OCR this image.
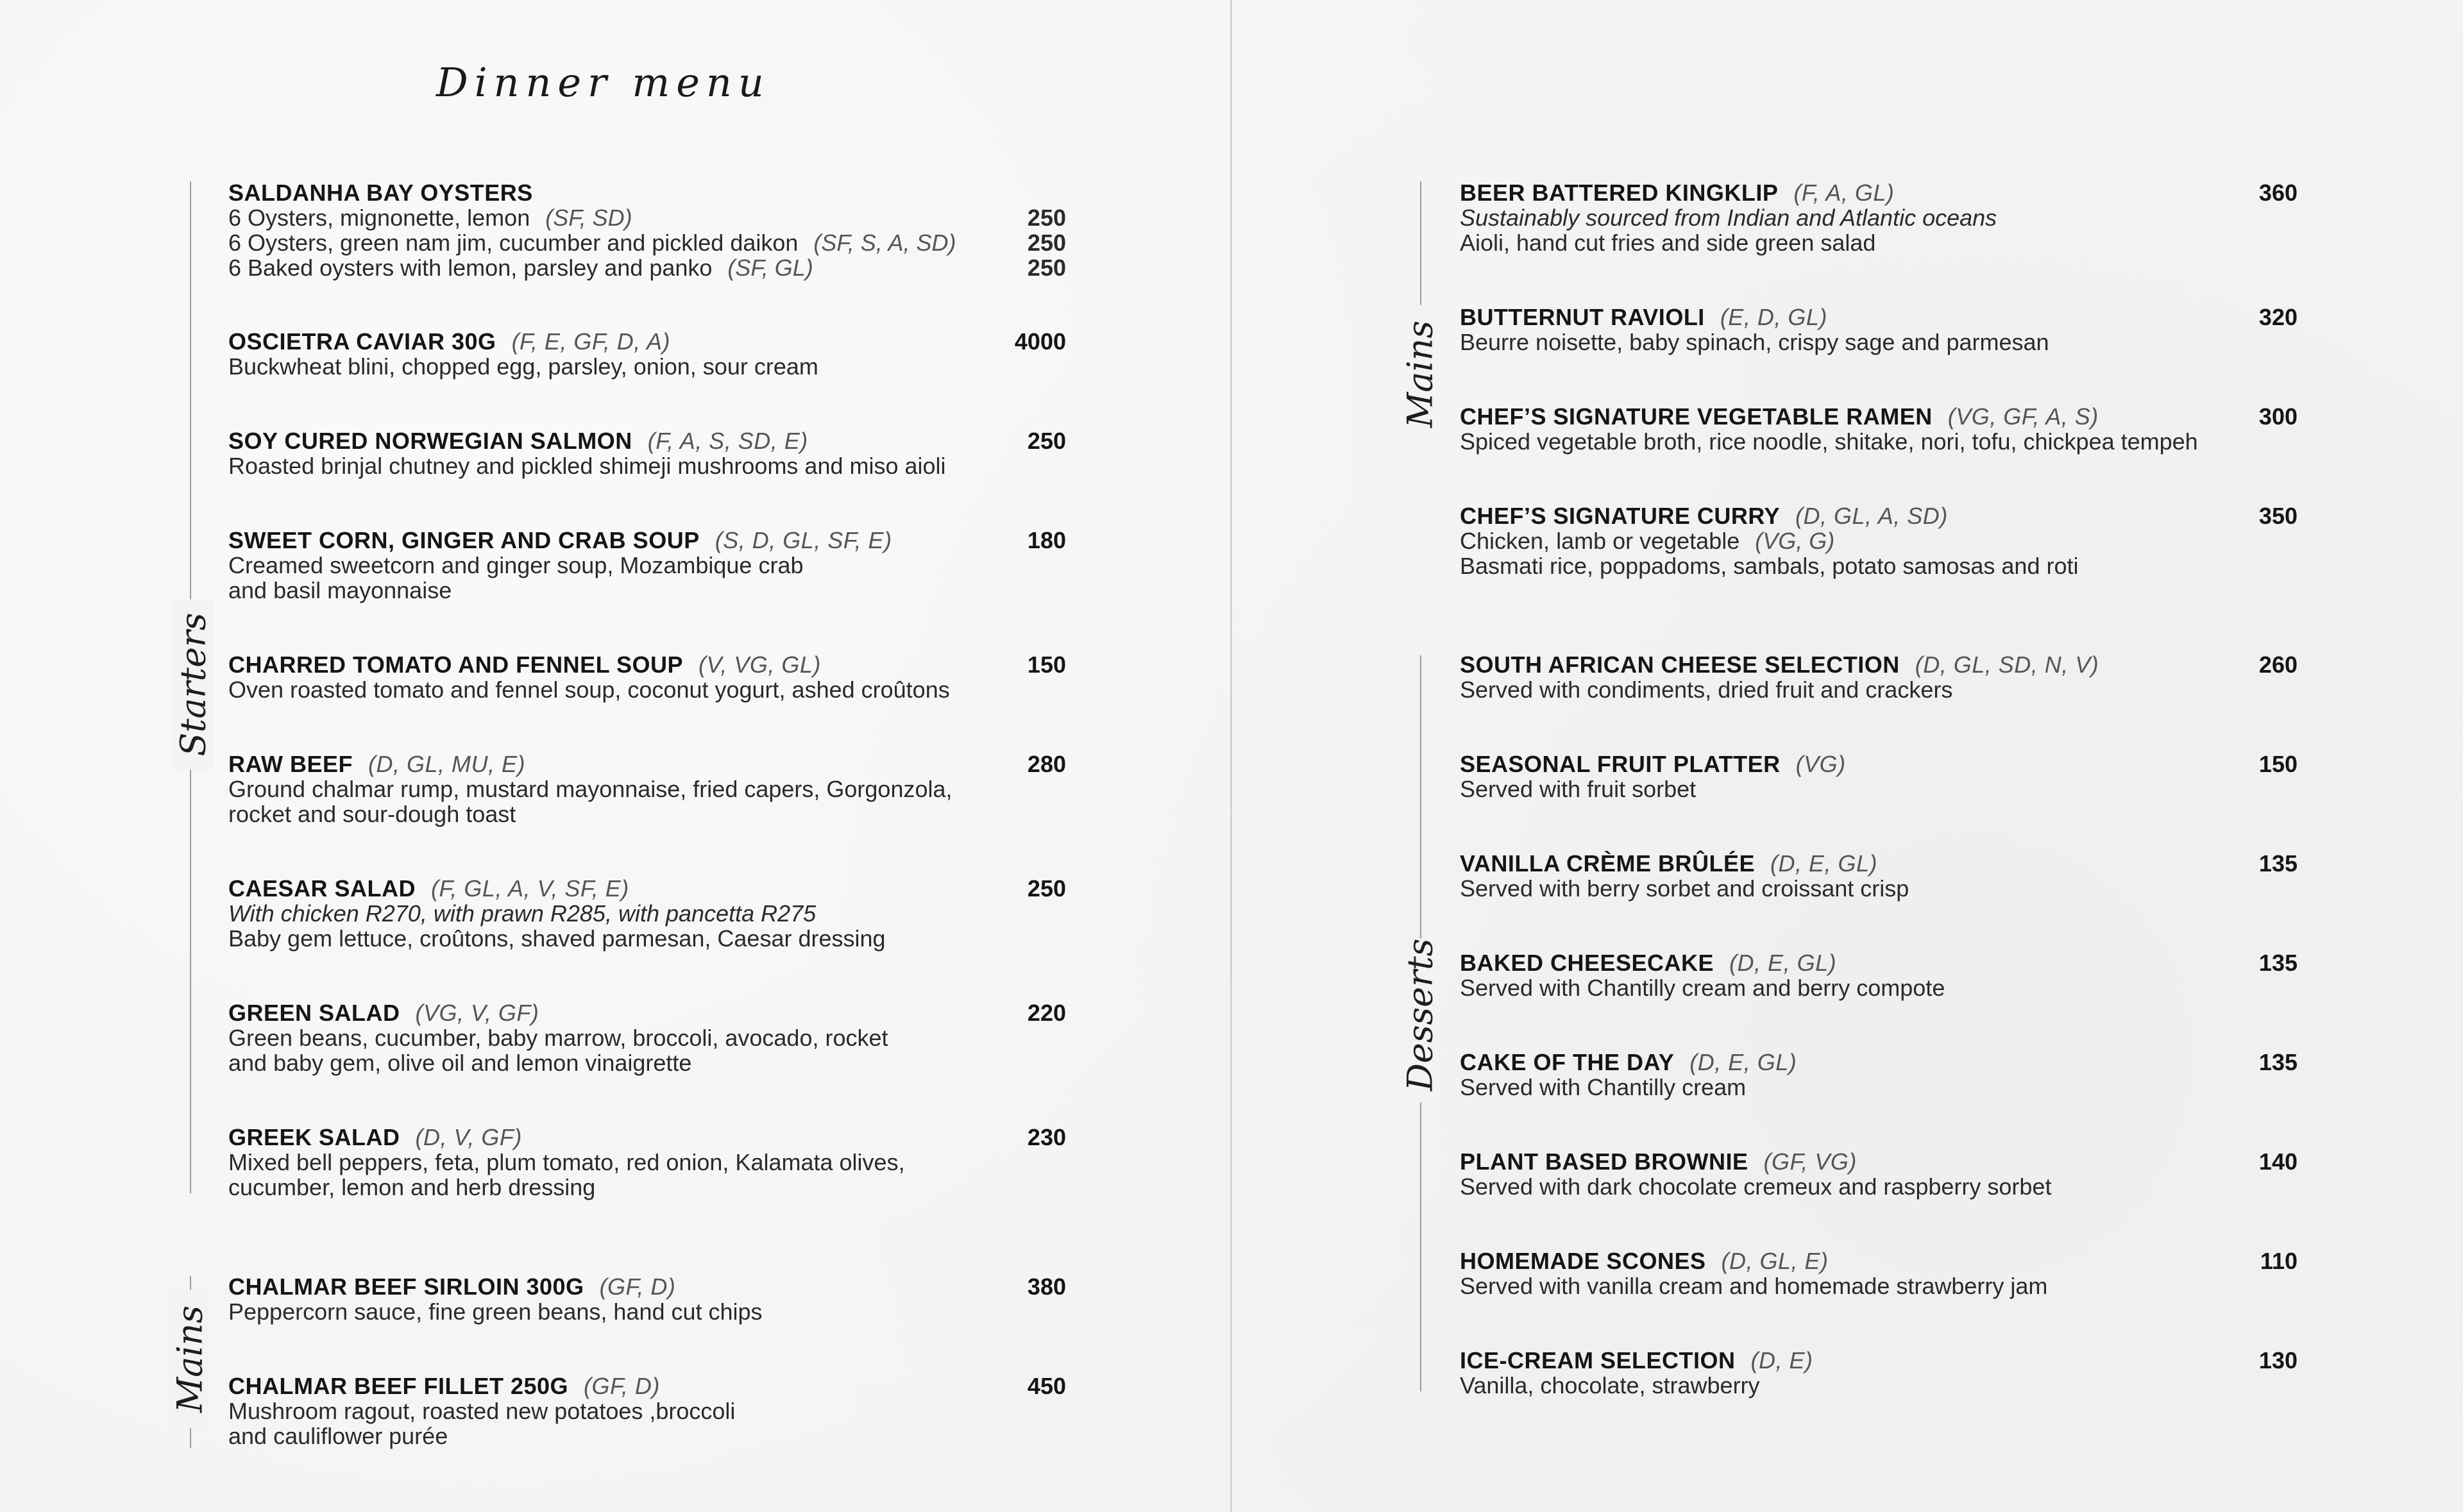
Dinner menu
Starters
Mains
Mains
Desserts
SALDANHA BAY OYSTERS
6 Oysters, mignonette, lemon (SF, SD)	250
6 Oysters, green nam jim, cucumber and pickled daikon (SF, S, A, SD)	250
6 Baked oysters with lemon, parsley and panko (SF, GL)	250
OSCIETRA CAVIAR 30G (F, E, GF, D, A)	4000
Buckwheat blini, chopped egg, parsley, onion, sour cream
SOY CURED NORWEGIAN SALMON (F, A, S, SD, E)	250
Roasted brinjal chutney and pickled shimeji mushrooms and miso aioli
SWEET CORN, GINGER AND CRAB SOUP (S, D, GL, SF, E)	180
Creamed sweetcorn and ginger soup, Mozambique crab
and basil mayonnaise
CHARRED TOMATO AND FENNEL SOUP (V, VG, GL)	150
Oven roasted tomato and fennel soup, coconut yogurt, ashed croûtons
RAW BEEF (D, GL, MU, E)	280
Ground chalmar rump, mustard mayonnaise, fried capers, Gorgonzola,
rocket and sour-dough toast
CAESAR SALAD (F, GL, A, V, SF, E)	250
With chicken R270, with prawn R285, with pancetta R275
Baby gem lettuce, croûtons, shaved parmesan, Caesar dressing
GREEN SALAD (VG, V, GF)	220
Green beans, cucumber, baby marrow, broccoli, avocado, rocket
and baby gem, olive oil and lemon vinaigrette
GREEK SALAD (D, V, GF)	230
Mixed bell peppers, feta, plum tomato, red onion, Kalamata olives,
cucumber, lemon and herb dressing
CHALMAR BEEF SIRLOIN 300G (GF, D)	380
Peppercorn sauce, fine green beans, hand cut chips
CHALMAR BEEF FILLET 250G (GF, D)	450
Mushroom ragout, roasted new potatoes ,broccoli
and cauliflower purée
BEER BATTERED KINGKLIP (F, A, GL)	360
Sustainably sourced from Indian and Atlantic oceans
Aioli, hand cut fries and side green salad
BUTTERNUT RAVIOLI (E, D, GL)	320
Beurre noisette, baby spinach, crispy sage and parmesan
CHEF’S SIGNATURE VEGETABLE RAMEN (VG, GF, A, S)	300
Spiced vegetable broth, rice noodle, shitake, nori, tofu, chickpea tempeh
CHEF’S SIGNATURE CURRY (D, GL, A, SD)	350
Chicken, lamb or vegetable (VG, G)
Basmati rice, poppadoms, sambals, potato samosas and roti
SOUTH AFRICAN CHEESE SELECTION (D, GL, SD, N, V)	260
Served with condiments, dried fruit and crackers
SEASONAL FRUIT PLATTER (VG)	150
Served with fruit sorbet
VANILLA CRÈME BRÛLÉE (D, E, GL)	135
Served with berry sorbet and croissant crisp
BAKED CHEESECAKE (D, E, GL)	135
Served with Chantilly cream and berry compote
CAKE OF THE DAY (D, E, GL)	135
Served with Chantilly cream
PLANT BASED BROWNIE (GF, VG)	140
Served with dark chocolate cremeux and raspberry sorbet
HOMEMADE SCONES (D, GL, E)	110
Served with vanilla cream and homemade strawberry jam
ICE-CREAM SELECTION (D, E)	130
Vanilla, chocolate, strawberry
